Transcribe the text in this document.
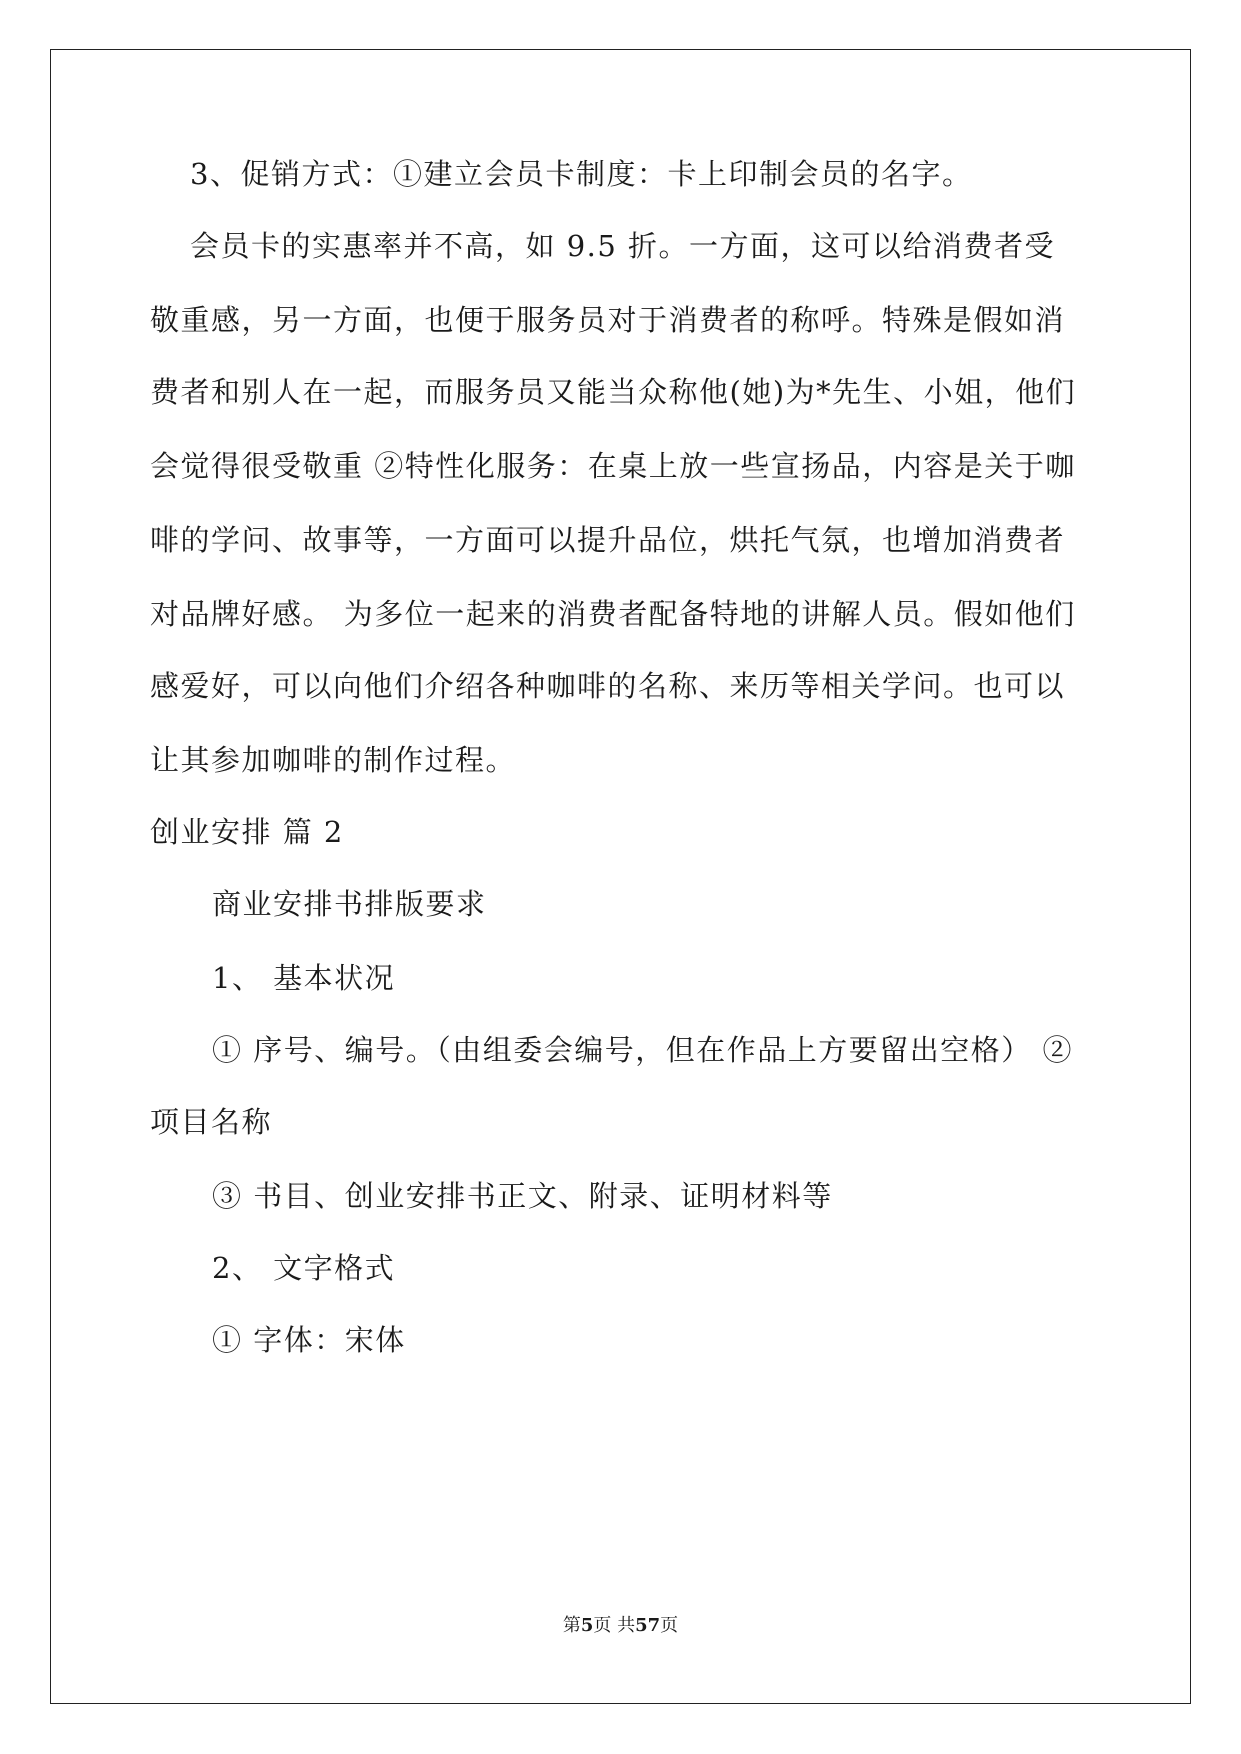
3、促销方式：①建立会员卡制度：卡上印制会员的名字。
会员卡的实惠率并不高，如 9.5 折。一方面，这可以给消费者受
敬重感，另一方面，也便于服务员对于消费者的称呼。特殊是假如消
费者和别人在一起，而服务员又能当众称他(她)为*先生、小姐，他们
会觉得很受敬重 ②特性化服务：在桌上放一些宣扬品，内容是关于咖
啡的学问、故事等，一方面可以提升品位，烘托气氛，也增加消费者
对品牌好感。 为多位一起来的消费者配备特地的讲解人员。假如他们
感爱好，可以向他们介绍各种咖啡的名称、来历等相关学问。也可以
让其参加咖啡的制作过程。
创业安排 篇 2
商业安排书排版要求
1、 基本状况
① 序号、编号。（由组委会编号，但在作品上方要留出空格） ②
项目名称
③ 书目、创业安排书正文、附录、证明材料等
2、 文字格式
① 字体：宋体
第5页 共57页
